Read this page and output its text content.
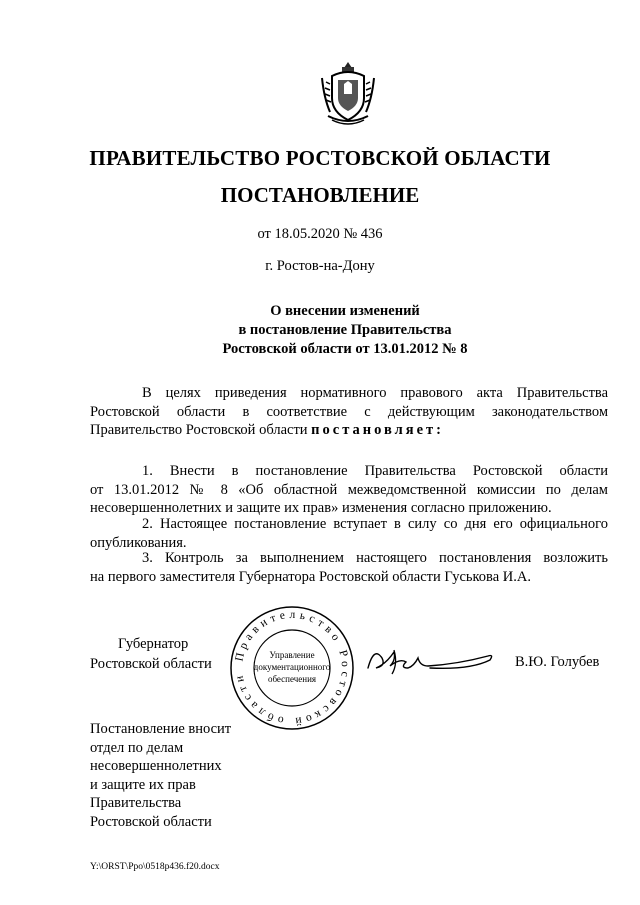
ПРАВИТЕЛЬСТВО РОСТОВСКОЙ ОБЛАСТИ
ПОСТАНОВЛЕНИЕ
от 18.05.2020 № 436
г. Ростов-на-Дону
О внесении изменений
в постановление Правительства
Ростовской области от 13.01.2012 № 8
В целях приведения нормативного правового акта Правительства
Ростовской области в соответствие с действующим законодательством
Правительство Ростовской области постановляет:
1. Внести в постановление Правительства Ростовской области
от 13.01.2012 № 8 «Об областной межведомственной комиссии по делам
несовершеннолетних и защите их прав» изменения согласно приложению.
2. Настоящее постановление вступает в силу со дня его официального
опубликования.
3. Контроль за выполнением настоящего постановления возложить
на первого заместителя Губернатора Ростовской области Гуськова И.А.
Губернатор
Ростовской области Правительство Ростовской области
Управление
документационного
обеспечения
В.Ю. Голубев
Постановление вносит
отдел по делам
несовершеннолетних
и защите их прав
Правительства
Ростовской области
Y:\ORST\Ppo\0518p436.f20.docx
